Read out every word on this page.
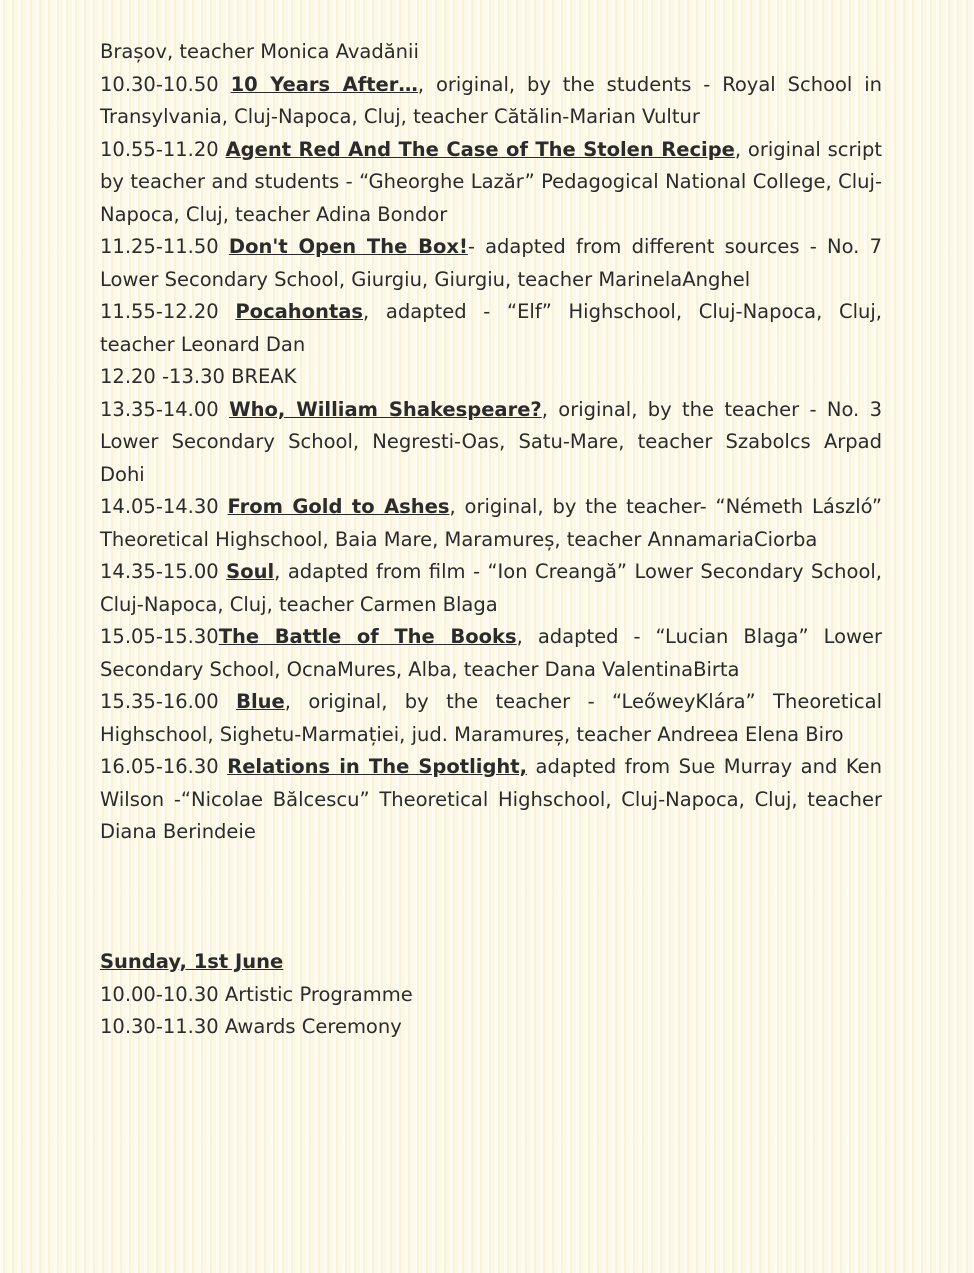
Brașov, teacher Monica Avadănii

10.30-10.50 10 Years After…, original, by the students - Royal School in Transylvania, Cluj-Napoca, Cluj, teacher Cătălin-Marian Vultur

10.55-11.20 Agent Red And The Case of The Stolen Recipe, original script by teacher and students - “Gheorghe Lazăr” Pedagogical National College, Cluj-Napoca, Cluj, teacher Adina Bondor

11.25-11.50 Don't Open The Box!- adapted from different sources - No. 7 Lower Secondary School, Giurgiu, Giurgiu, teacher MarinelaAnghel

11.55-12.20 Pocahontas, adapted - “Elf” Highschool, Cluj-Napoca, Cluj, teacher Leonard Dan

12.20 -13.30 BREAK

13.35-14.00 Who, William Shakespeare?, original, by the teacher - No. 3 Lower Secondary School, Negresti-Oas, Satu-Mare, teacher Szabolcs Arpad Dohi

14.05-14.30 From Gold to Ashes, original, by the teacher- “Németh László” Theoretical Highschool, Baia Mare, Maramureș, teacher AnnamariaCiorba

14.35-15.00 Soul, adapted from film - “Ion Creangă” Lower Secondary School, Cluj-Napoca, Cluj, teacher Carmen Blaga

15.05-15.30The Battle of The Books, adapted - “Lucian Blaga” Lower Secondary School, OcnaMures, Alba, teacher Dana ValentinaBirta

15.35-16.00 Blue, original, by the teacher - “LeőweyKlára” Theoretical Highschool, Sighetu-Marmației, jud. Maramureș, teacher Andreea Elena Biro

16.05-16.30 Relations in The Spotlight, adapted from Sue Murray and Ken Wilson -“Nicolae Bălcescu” Theoretical Highschool, Cluj-Napoca, Cluj, teacher Diana Berindeie

Sunday, 1st June

10.00-10.30 Artistic Programme

10.30-11.30 Awards Ceremony
